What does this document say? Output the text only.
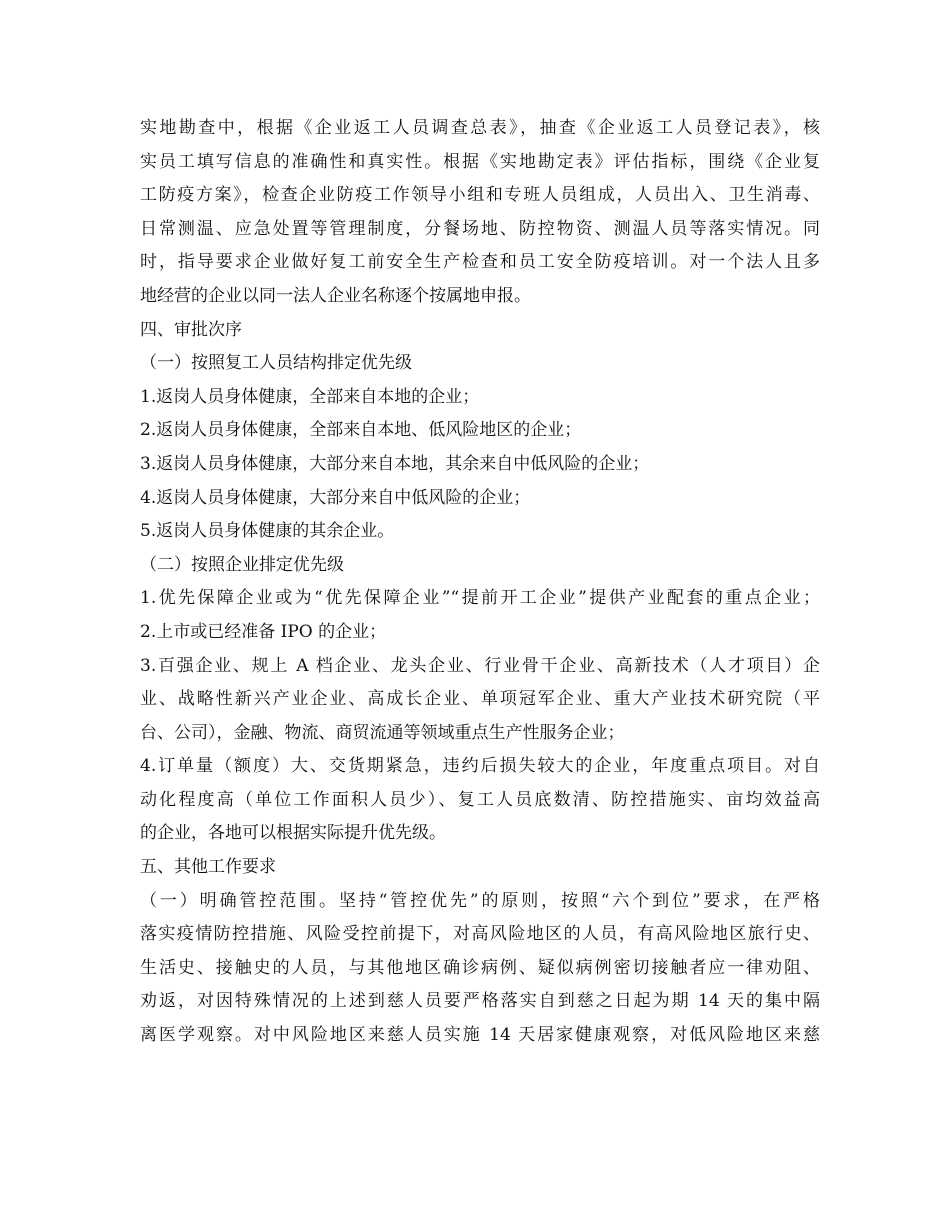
实地勘查中，根据《企业返工人员调查总表》，抽查《企业返工人员登记表》，核
实员工填写信息的准确性和真实性。根据《实地勘定表》评估指标，围绕《企业复
工防疫方案》，检查企业防疫工作领导小组和专班人员组成，人员出入、卫生消毒、
日常测温、应急处置等管理制度，分餐场地、防控物资、测温人员等落实情况。同
时，指导要求企业做好复工前安全生产检查和员工安全防疫培训。对一个法人且多
地经营的企业以同一法人企业名称逐个按属地申报。
四、审批次序
（一）按照复工人员结构排定优先级
1.返岗人员身体健康，全部来自本地的企业；
2.返岗人员身体健康，全部来自本地、低风险地区的企业；
3.返岗人员身体健康，大部分来自本地，其余来自中低风险的企业；
4.返岗人员身体健康，大部分来自中低风险的企业；
5.返岗人员身体健康的其余企业。
（二）按照企业排定优先级
1.优先保障企业或为“优先保障企业”“提前开工企业”提供产业配套的重点企业；
2.上市或已经准备 IPO 的企业；
3.百强企业、规上 A 档企业、龙头企业、行业骨干企业、高新技术（人才项目）企
业、战略性新兴产业企业、高成长企业、单项冠军企业、重大产业技术研究院（平
台、公司），金融、物流、商贸流通等领域重点生产性服务企业；
4.订单量（额度）大、交货期紧急，违约后损失较大的企业，年度重点项目。对自
动化程度高（单位工作面积人员少）、复工人员底数清、防控措施实、亩均效益高
的企业，各地可以根据实际提升优先级。
五、其他工作要求
（一）明确管控范围。坚持“管控优先”的原则，按照“六个到位”要求，在严格
落实疫情防控措施、风险受控前提下，对高风险地区的人员，有高风险地区旅行史、
生活史、接触史的人员，与其他地区确诊病例、疑似病例密切接触者应一律劝阻、
劝返，对因特殊情况的上述到慈人员要严格落实自到慈之日起为期 14 天的集中隔
离医学观察。对中风险地区来慈人员实施 14 天居家健康观察，对低风险地区来慈
